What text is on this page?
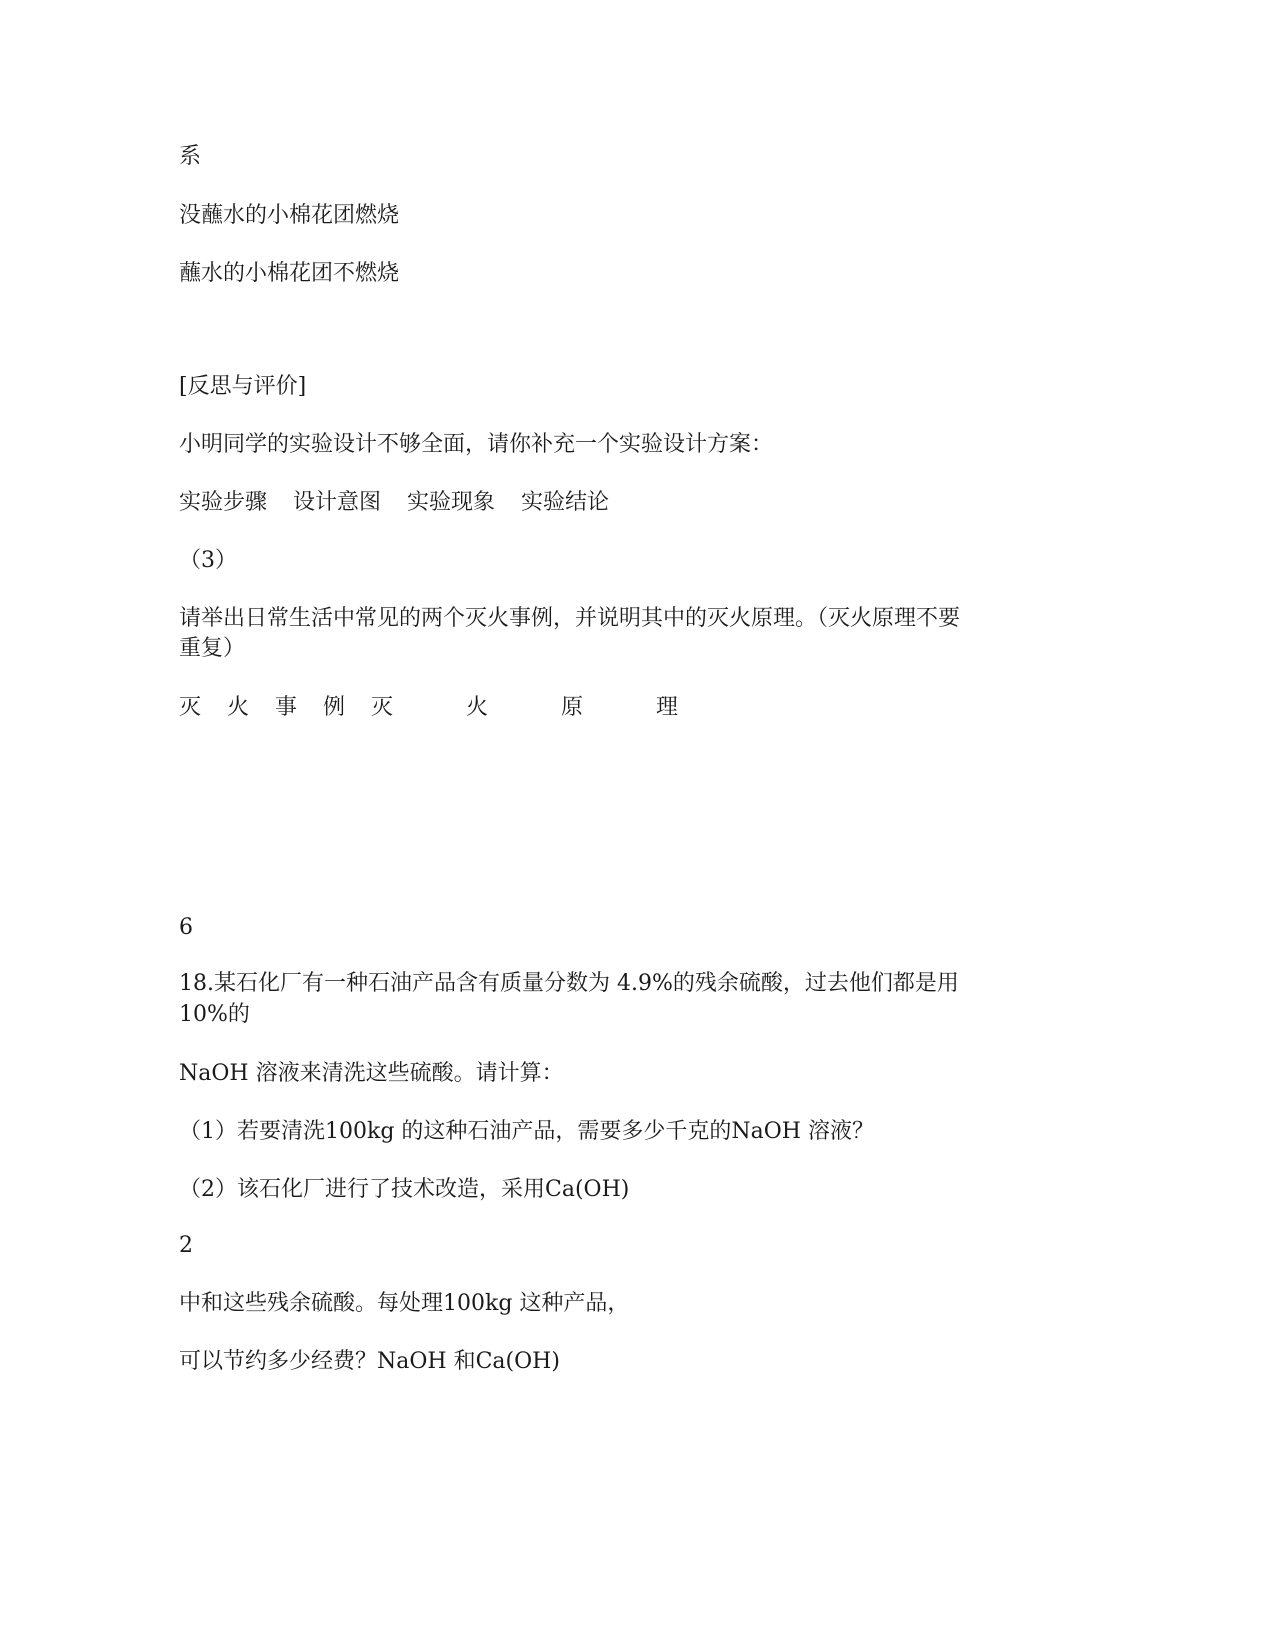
系
没蘸水的小棉花团燃烧
蘸水的小棉花团不燃烧
[反思与评价]
小明同学的实验设计不够全面，请你补充一个实验设计方案：
实验步骤 设计意图 实验现象 实验结论
（3）
请举出日常生活中常见的两个灭火事例，并说明其中的灭火原理。（灭火原理不要
重复）
灭 火 事 例 灭	火	原	理
6
18.某石化厂有一种石油产品含有质量分数为 4.9%的残余硫酸，过去他们都是用
10%的
NaOH 溶液来清洗这些硫酸。请计算：
（1）若要清洗100kg 的这种石油产品，需要多少千克的NaOH 溶液？
（2）该石化厂进行了技术改造，采用Ca(OH)
2
中和这些残余硫酸。每处理100kg 这种产品，
可以节约多少经费？NaOH 和Ca(OH)
